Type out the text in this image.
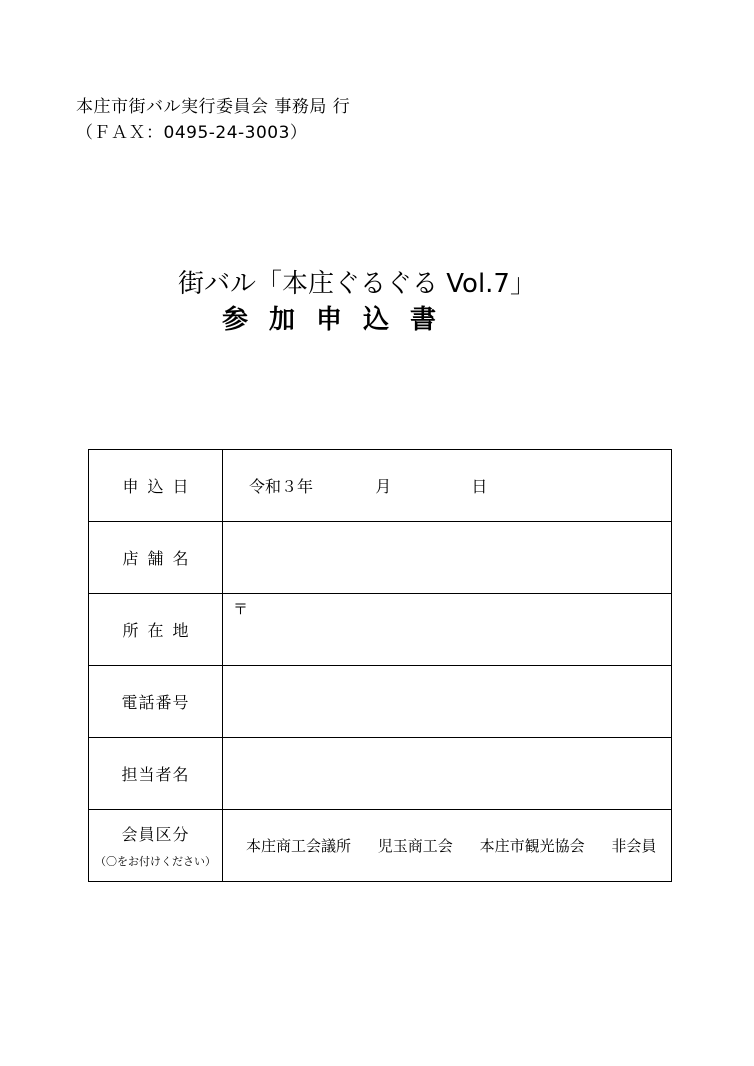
本庄市街バル実行委員会 事務局 行
（ＦＡＸ：0495-24-3003）
街バル「本庄ぐるぐる Vol.7」
参加申込書
申込日	令和３年 月 日

店舗名	
所在地	〒

電話番号	
担当者名	

会員区分
（〇をお付けください）	本庄商工会議所 児玉商工会 本庄市観光協会 非会員
